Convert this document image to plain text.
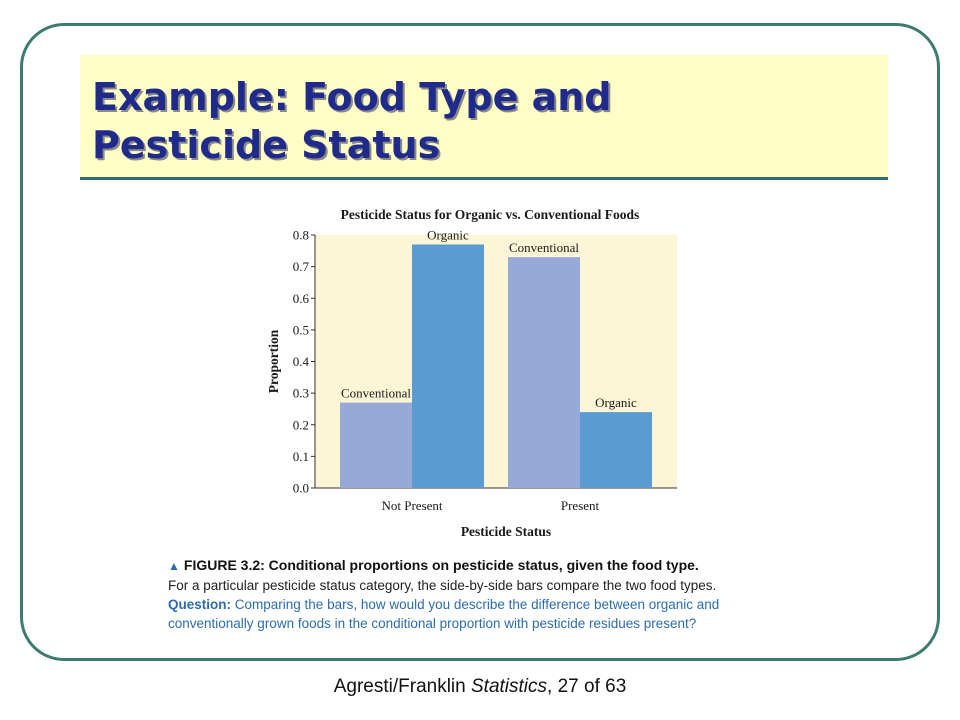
Example: Food Type and
Pesticide Status
Pesticide Status for Organic vs. Conventional Foods
0.0
0.1
0.2
0.3
0.4
0.5
0.6
0.7
0.8
Proportion	Conventional
Organic
Not Present
Conventional
Organic
Present
Pesticide Status
▲ FIGURE 3.2: Conditional proportions on pesticide status, given the food type.
For a particular pesticide status category, the side-by-side bars compare the two food types.
Question: Comparing the bars, how would you describe the difference between organic and conventionally grown foods in the conditional proportion with pesticide residues present?
Agresti/Franklin Statistics, 27 of 63
